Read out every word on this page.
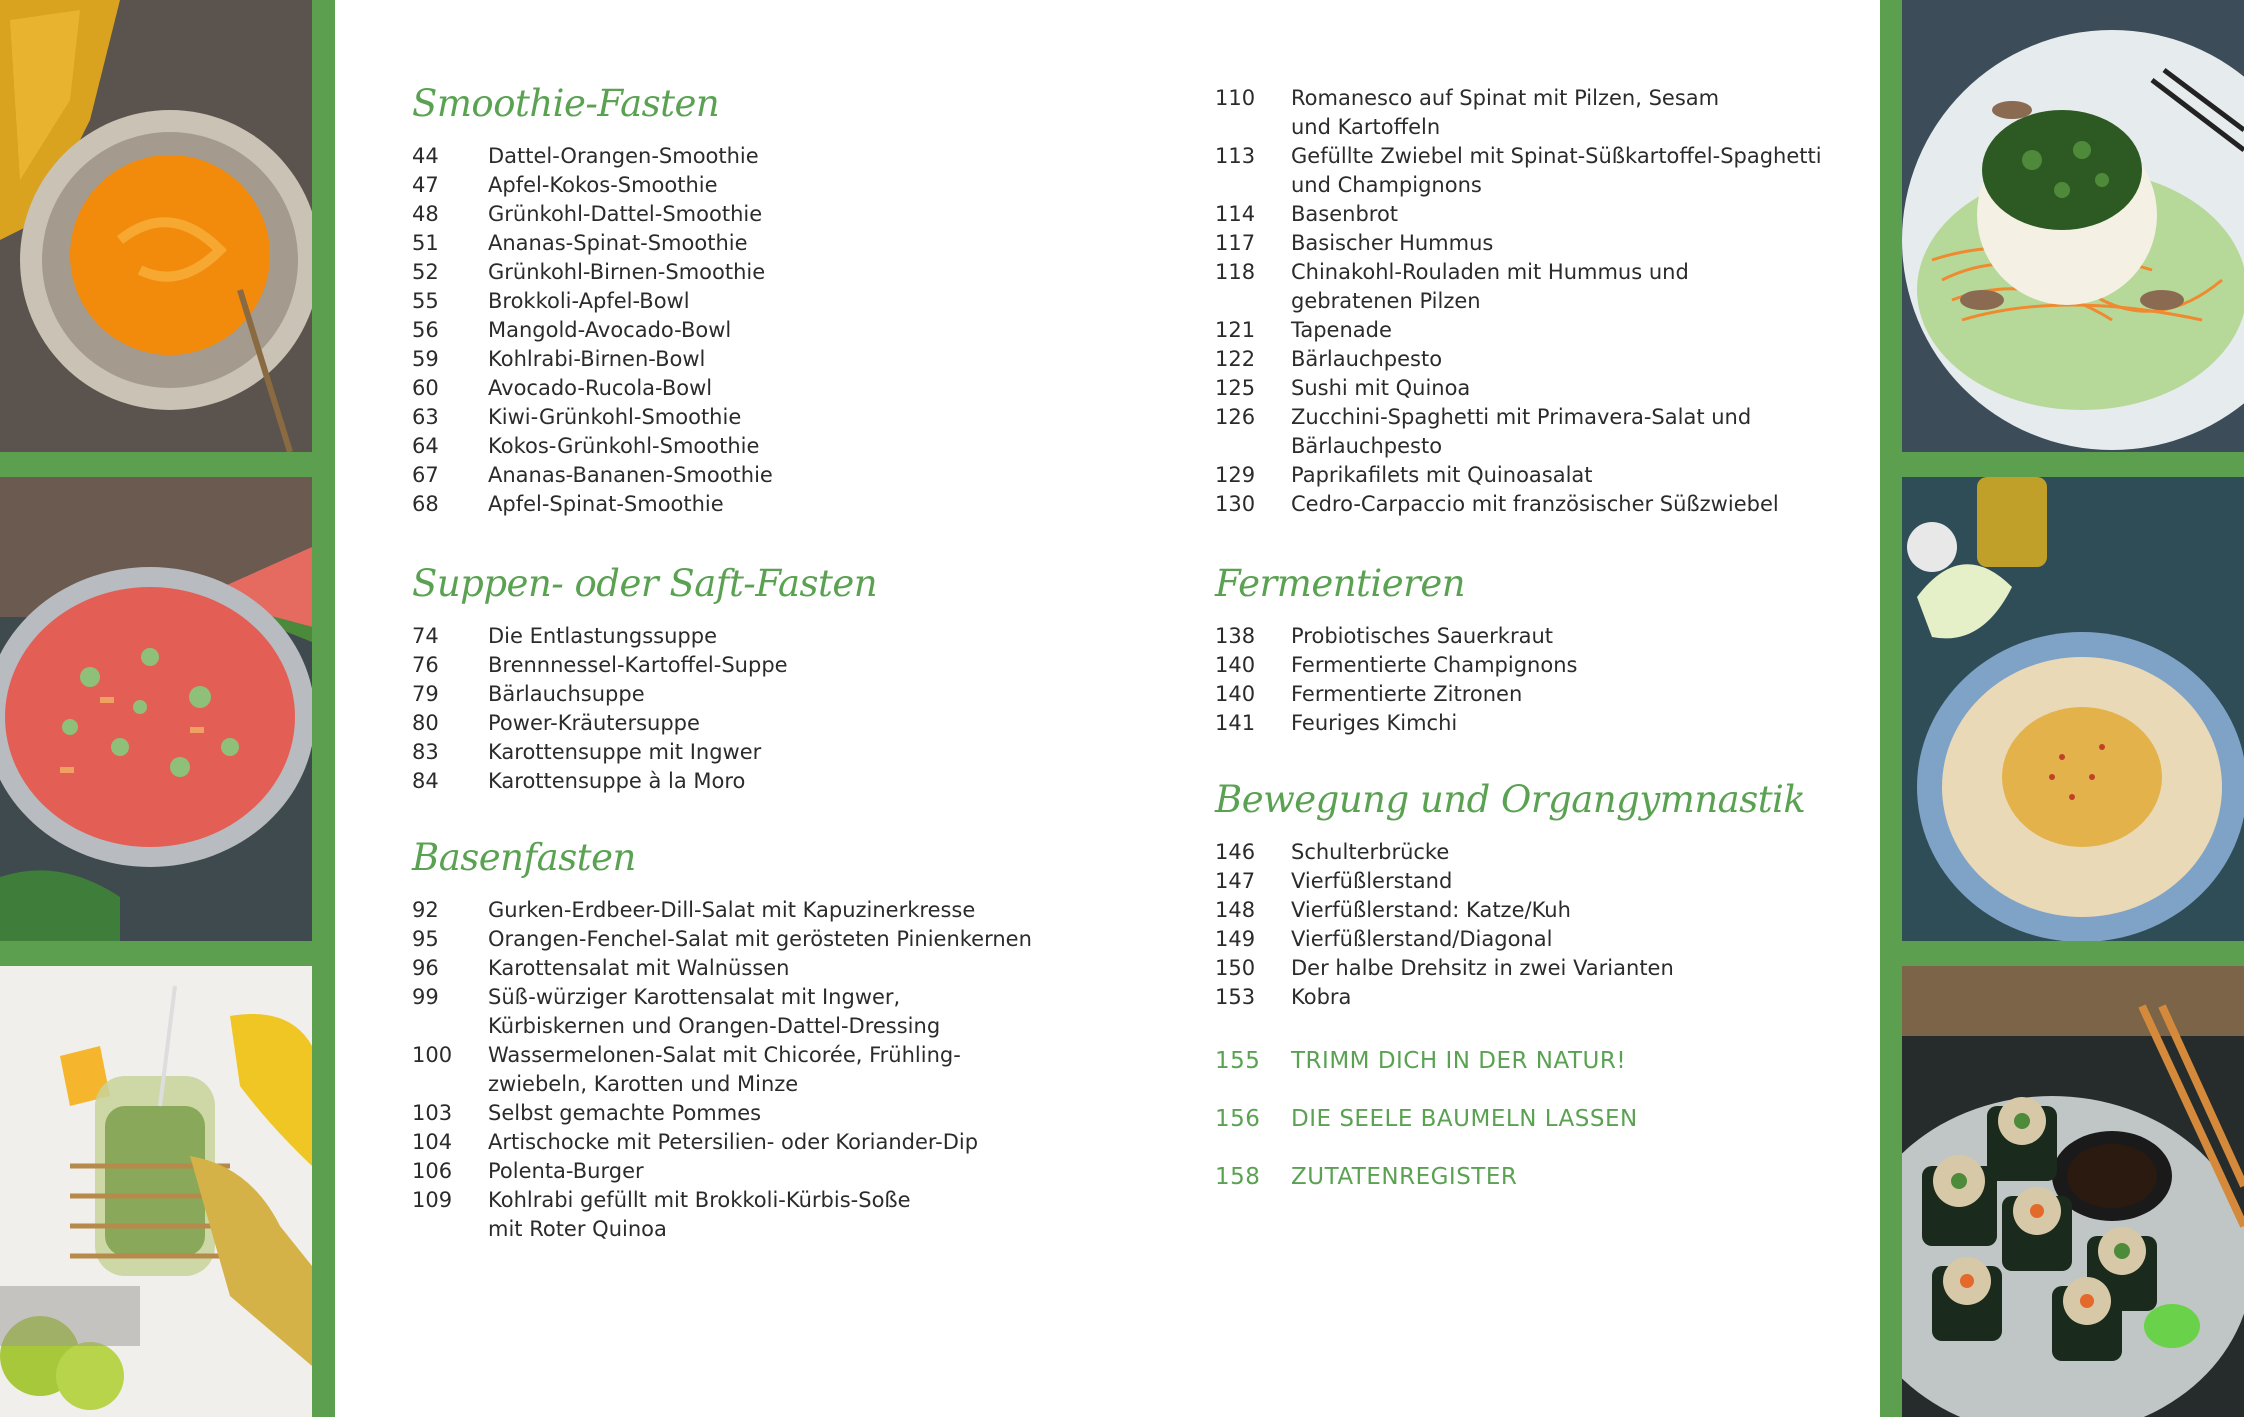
Smoothie-Fasten
44	Dattel-Orangen-Smoothie
47	Apfel-Kokos-Smoothie
48	Grünkohl-Dattel-Smoothie
51	Ananas-Spinat-Smoothie
52	Grünkohl-Birnen-Smoothie
55	Brokkoli-Apfel-Bowl
56	Mangold-Avocado-Bowl
59	Kohlrabi-Birnen-Bowl
60	Avocado-Rucola-Bowl
63	Kiwi-Grünkohl-Smoothie
64	Kokos-Grünkohl-Smoothie
67	Ananas-Bananen-Smoothie
68	Apfel-Spinat-Smoothie
Suppen- oder Saft-Fasten
74	Die Entlastungssuppe
76	Brennnessel-Kartoffel-Suppe
79	Bärlauchsuppe
80	Power-Kräutersuppe
83	Karottensuppe mit Ingwer
84	Karottensuppe à la Moro
Basenfasten
92	Gurken-Erdbeer-Dill-Salat mit Kapuzinerkresse
95	Orangen-Fenchel-Salat mit gerösteten Pinienkernen
96	Karottensalat mit Walnüssen
99	Süß-würziger Karottensalat mit Ingwer,
Kürbiskernen und Orangen-Dattel-Dressing
100	Wassermelonen-Salat mit Chicorée, Frühling-
zwiebeln, Karotten und Minze
103	Selbst gemachte Pommes
104	Artischocke mit Petersilien- oder Koriander-Dip
106	Polenta-Burger
109	Kohlrabi gefüllt mit Brokkoli-Kürbis-Soße
mit Roter Quinoa
110	Romanesco auf Spinat mit Pilzen, Sesam
und Kartoffeln
113	Gefüllte Zwiebel mit Spinat-Süßkartoffel-Spaghetti
und Champignons
114	Basenbrot
117	Basischer Hummus
118	Chinakohl-Rouladen mit Hummus und
gebratenen Pilzen
121	Tapenade
122	Bärlauchpesto
125	Sushi mit Quinoa
126	Zucchini-Spaghetti mit Primavera-Salat und
Bärlauchpesto
129	Paprikafilets mit Quinoasalat
130	Cedro-Carpaccio mit französischer Süßzwiebel
Fermentieren
138	Probiotisches Sauerkraut
140	Fermentierte Champignons
140	Fermentierte Zitronen
141	Feuriges Kimchi
Bewegung und Organgymnastik
146	Schulterbrücke
147	Vierfüßlerstand
148	Vierfüßlerstand: Katze/Kuh
149	Vierfüßlerstand/Diagonal
150	Der halbe Drehsitz in zwei Varianten
153	Kobra
155 TRIMM DICH IN DER NATUR!
156 DIE SEELE BAUMELN LASSEN
158 ZUTATENREGISTER
